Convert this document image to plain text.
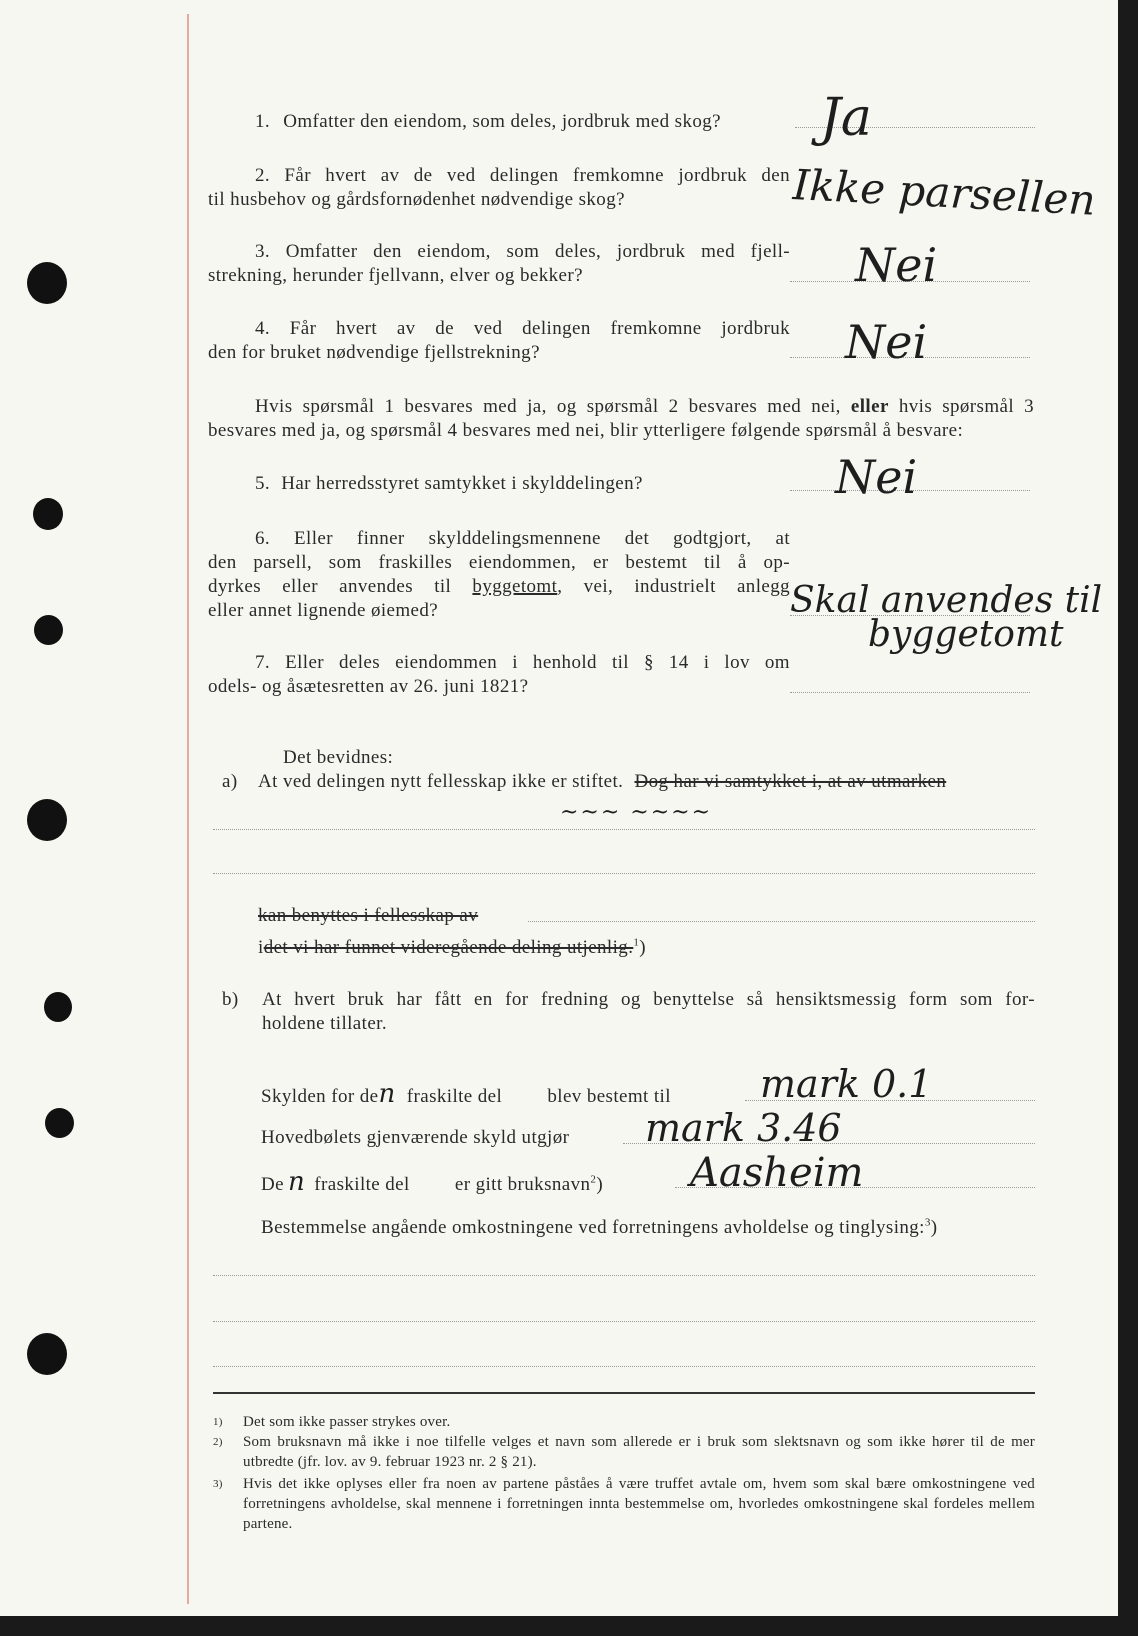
1. Omfatter den eiendom, som deles, jordbruk med skog? Ja

2. Får hvert av de ved delingen fremkomne jordbruk den

til husbehov og gårdsfornødenhet nødvendige skog?	Ikke parsellen

3. Omfatter den eiendom, som deles, jordbruk med fjell-

strekning, herunder fjellvann, elver og bekker?	Nei

4. Får hvert av de ved delingen fremkomne jordbruk

den for bruket nødvendige fjellstrekning?	Nei

Hvis spørsmål 1 besvares med ja, og spørsmål 2 besvares med nei, eller hvis spørsmål 3

besvares med ja, og spørsmål 4 besvares med nei, blir ytterligere følgende spørsmål å besvare:
5. Har herredsstyret samtykket i skylddelingen?	Nei

6. Eller finner skylddelingsmennene det godtgjort, at

den parsell, som fraskilles eiendommen, er bestemt til å op-

dyrkes eller anvendes til byggetomt, vei, industrielt anlegg

eller annet lignende øiemed?	Skal anvendes til
byggetomt

7. Eller deles eiendommen i henhold til § 14 i lov om

odels- og åsætesretten av 26. juni 1821?
Det bevidnes:
a) At ved delingen nytt fellesskap ikke er stiftet. Dog har vi samtykket i, at av utmarken
~~~ ~~~~
kan benyttes i fellesskap av
idet vi har funnet videregående deling utjenlig.$^1$)
b) At hvert bruk har fått en for fredning og benyttelse så hensiktsmessig form som for-
holdene tillater.
Skylden for den fraskilte del blev bestemt til mark 0.1
Hovedbølets gjenværende skyld utgjør mark 3.46
De n fraskilte del er gitt bruksnavn$^2$) Aasheim
Bestemmelse angående omkostningene ved forretningens avholdelse og tinglysing:$^3$)
1) Det som ikke passer strykes over.
2) Som bruksnavn må ikke i noe tilfelle velges et navn som allerede er i bruk som slektsnavn og som ikke hører til de mer utbredte (jfr. lov. av 9. februar 1923 nr. 2 § 21).
3) Hvis det ikke oplyses eller fra noen av partene påståes å være truffet avtale om, hvem som skal bære omkostningene ved forretningens avholdelse, skal mennene i forretningen innta bestemmelse om, hvorledes omkostningene skal fordeles mellem partene.
